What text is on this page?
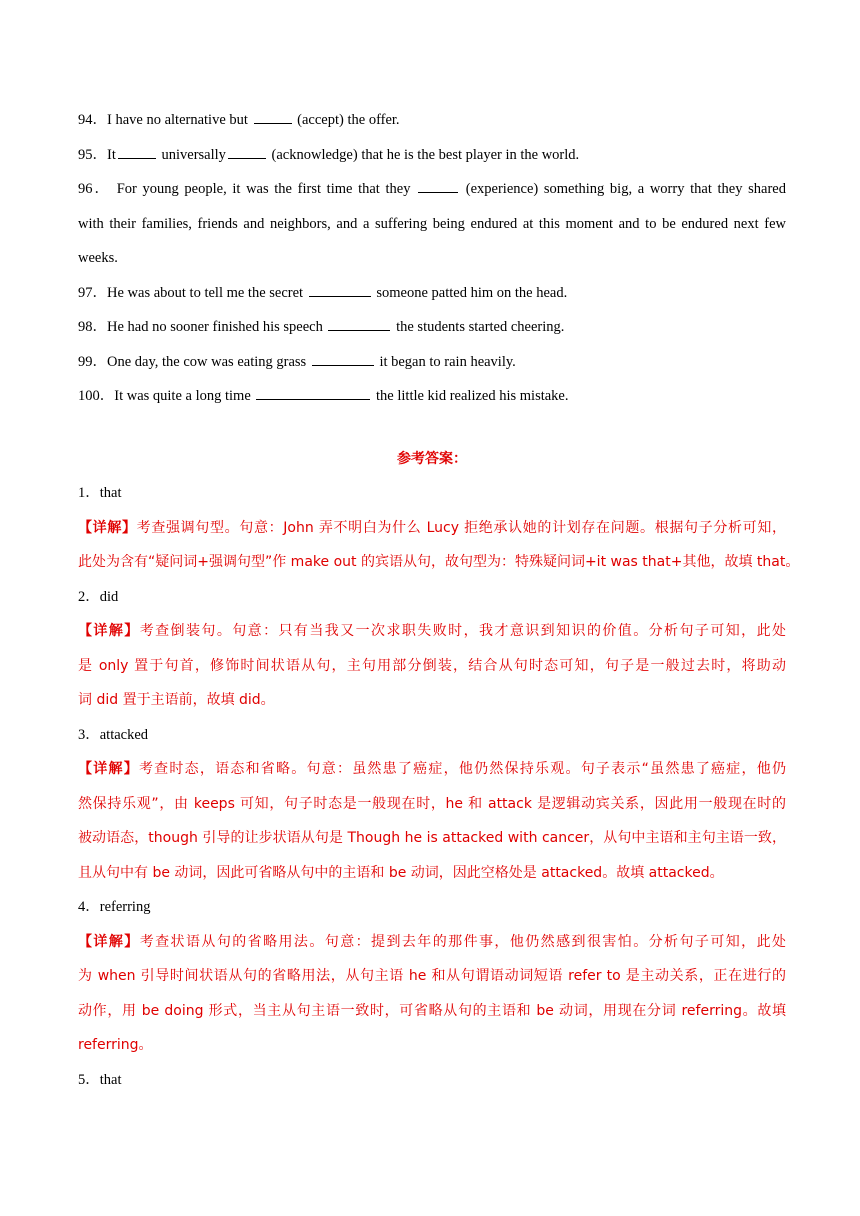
94．I have no alternative but	(accept) the offer.
95．It	universally	(acknowledge) that he is the best player in the world.
96． For young people, it was the first time that they	(experience) something big, a worry that they shared
with their families, friends and neighbors, and a suffering being endured at this moment and to be endured next few
weeks.
97．He was about to tell me the secret	someone patted him on the head.
98．He had no sooner finished his speech	the students started cheering.
99．One day, the cow was eating grass	it began to rain heavily.
100．It was quite a long time	the little kid realized his mistake.
参考答案：
1．that
【详解】考查强调句型。句意：John 弄不明白为什么 Lucy 拒绝承认她的计划存在问题。根据句子分析可知，
此处为含有“疑问词+强调句型”作 make out 的宾语从句，故句型为：特殊疑问词+it was that+其他，故填 that。
2．did
【详解】考查倒装句。句意：只有当我又一次求职失败时，我才意识到知识的价值。分析句子可知，此处
是 only 置于句首，修饰时间状语从句，主句用部分倒装，结合从句时态可知，句子是一般过去时，将助动
词 did 置于主语前，故填 did。
3．attacked
【详解】考查时态，语态和省略。句意：虽然患了癌症，他仍然保持乐观。句子表示“虽然患了癌症，他仍
然保持乐观”，由 keeps 可知，句子时态是一般现在时，he 和 attack 是逻辑动宾关系，因此用一般现在时的
被动语态，though 引导的让步状语从句是 Though he is attacked with cancer，从句中主语和主句主语一致，
且从句中有 be 动词，因此可省略从句中的主语和 be 动词，因此空格处是 attacked。故填 attacked。
4．referring
【详解】考查状语从句的省略用法。句意：提到去年的那件事，他仍然感到很害怕。分析句子可知，此处
为 when 引导时间状语从句的省略用法，从句主语 he 和从句谓语动词短语 refer to 是主动关系，正在进行的
动作，用 be doing 形式，当主从句主语一致时，可省略从句的主语和 be 动词，用现在分词 referring。故填
referring。
5．that
